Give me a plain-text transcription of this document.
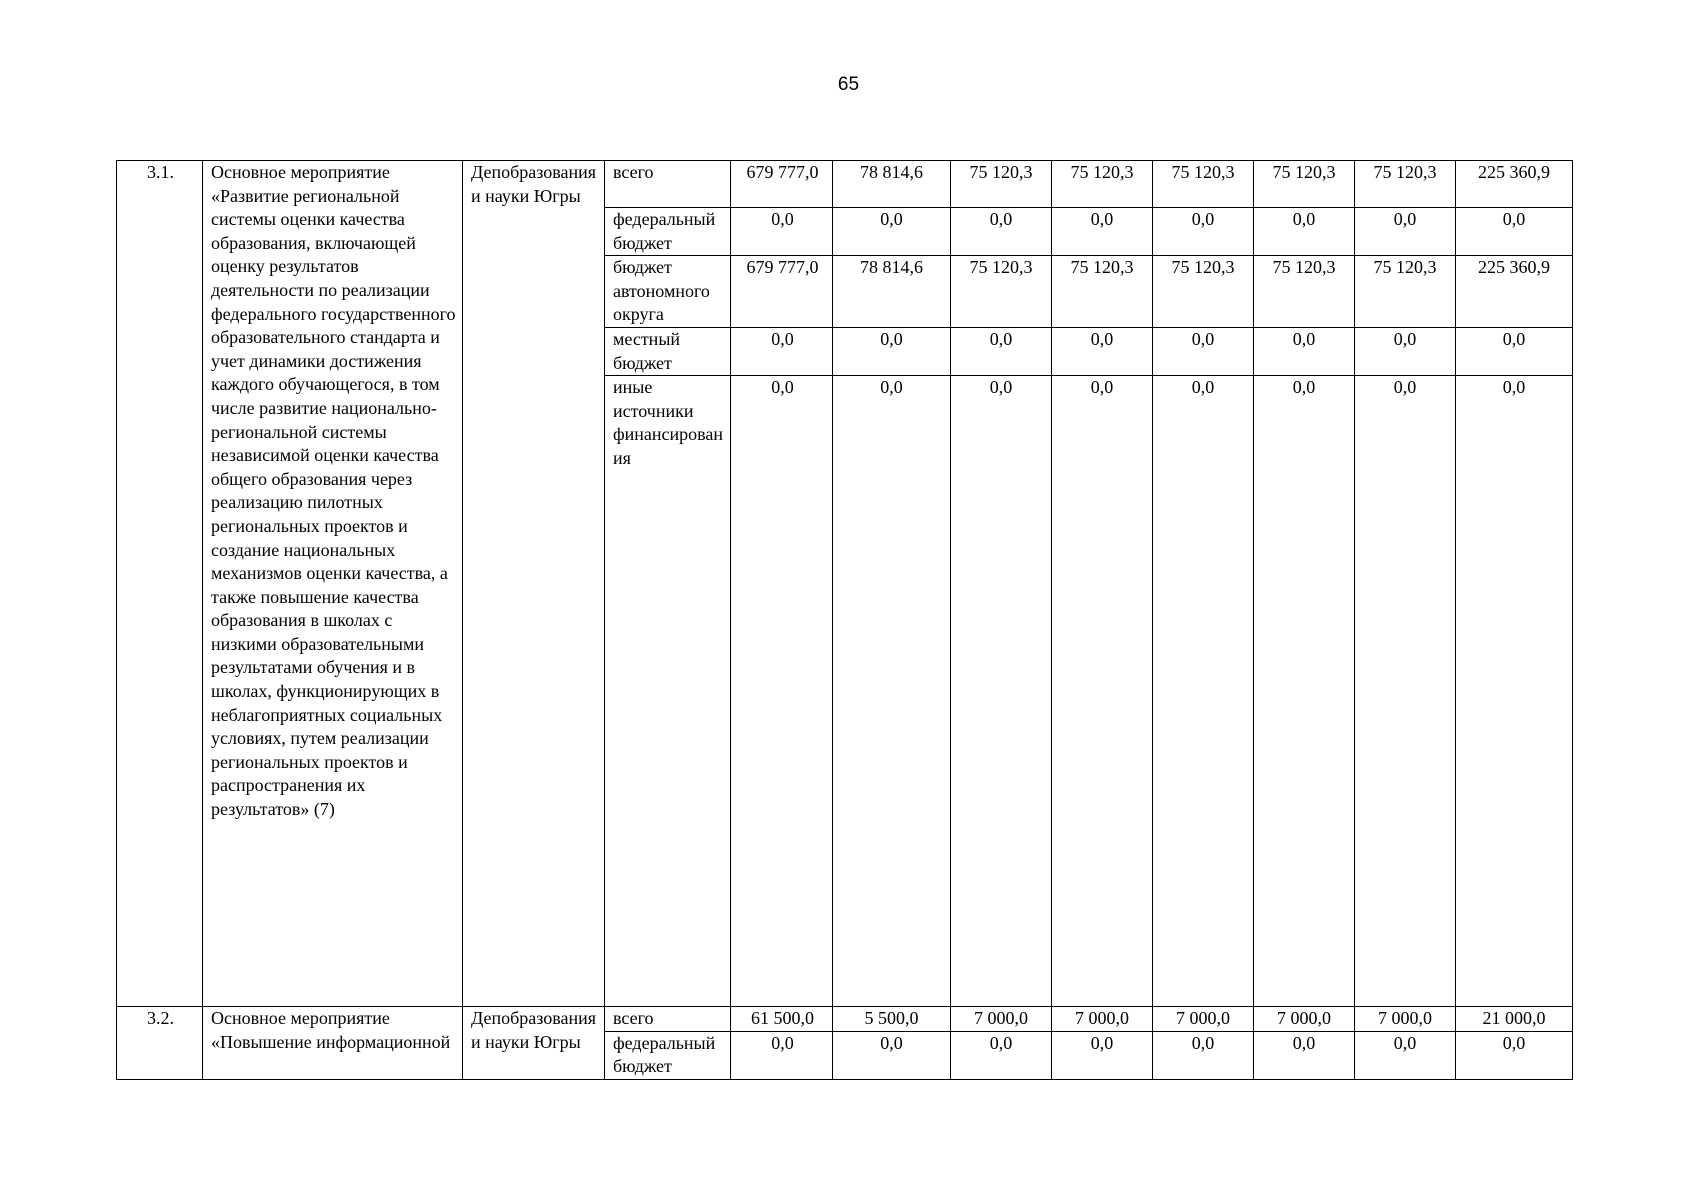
65
3.1.	Основное мероприятие «Развитие региональной системы оценки качества образования, включающей оценку результатов деятельности по реализации федерального государственного образовательного стандарта и учет динамики достижения каждого обучающегося, в том числе развитие национально-региональной системы независимой оценки качества общего образования через реализацию пилотных региональных проектов и создание национальных механизмов оценки качества, а также повышение качества образования в школах с низкими образовательными результатами обучения и в школах, функционирующих в неблагоприятных социальных условиях, путем реализации региональных проектов и распространения их результатов» (7)	Депобразования и науки Югры	всего	679 777,0	78 814,6	75 120,3	75 120,3	75 120,3	75 120,3	75 120,3	225 360,9
			федеральный бюджет	0,0	0,0	0,0	0,0	0,0	0,0	0,0	0,0
			бюджет автономного округа	679 777,0	78 814,6	75 120,3	75 120,3	75 120,3	75 120,3	75 120,3	225 360,9
			местный бюджет	0,0	0,0	0,0	0,0	0,0	0,0	0,0	0,0
			иные источники финансирования	0,0	0,0	0,0	0,0	0,0	0,0	0,0	0,0
3.2.	Основное мероприятие «Повышение информационной	Депобразования и науки Югры	всего	61 500,0	5 500,0	7 000,0	7 000,0	7 000,0	7 000,0	7 000,0	21 000,0
			федеральный бюджет	0,0	0,0	0,0	0,0	0,0	0,0	0,0	0,0
